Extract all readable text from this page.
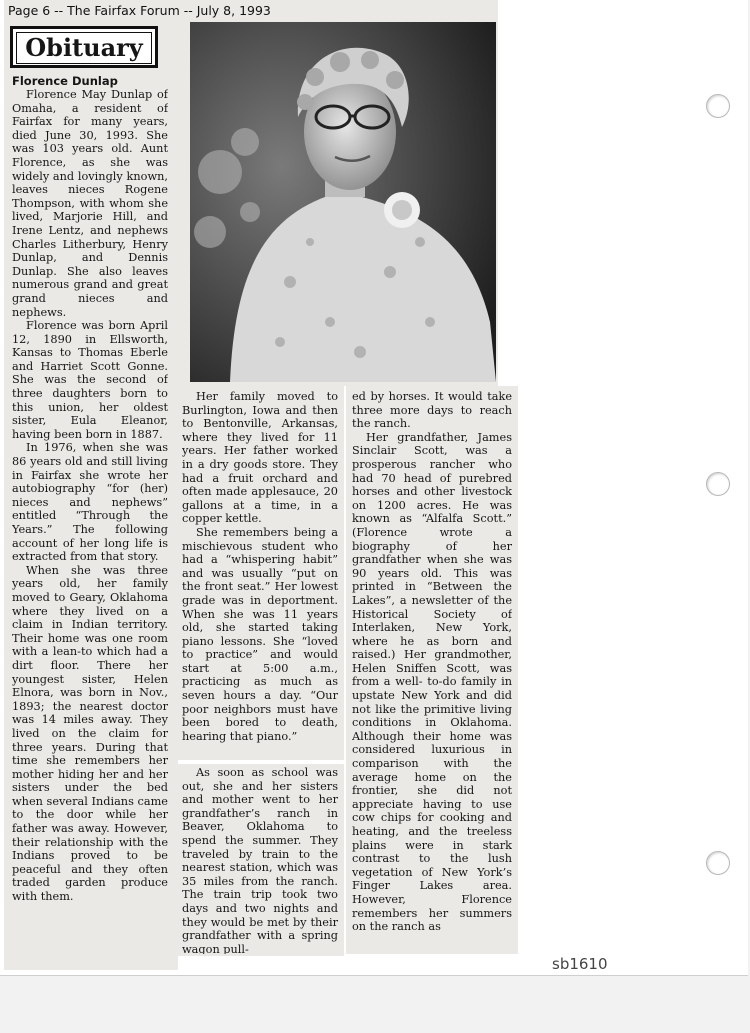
Page 6 -- The Fairfax Forum -- July 8, 1993
Obituary
Florence Dunlap

Florence May Dunlap of Omaha, a resident of Fairfax for many years, died June 30, 1993. She was 103 years old. Aunt Florence, as she was widely and lovingly known, leaves nieces Rogene Thompson, with whom she lived, Marjorie Hill, and Irene Lentz, and nephews Charles Litherbury, Henry Dunlap, and Dennis Dunlap. She also leaves numerous grand and great grand nieces and nephews.

Florence was born April 12, 1890 in Ellsworth, Kansas to Thomas Eberle and Harriet Scott Gonne. She was the second of three daughters born to this union, her oldest sister, Eula Eleanor, having been born in 1887.

In 1976, when she was 86 years old and still living in Fairfax she wrote her autobiography “for (her) nieces and nephews” entitled “Through the Years.” The following account of her long life is extracted from that story.

When she was three years old, her family moved to Geary, Oklahoma where they lived on a claim in Indian territory. Their home was one room with a lean-to which had a dirt floor. There her youngest sister, Helen Elnora, was born in Nov., 1893; the nearest doctor was 14 miles away. They lived on the claim for three years. During that time she remembers her mother hiding her and her sisters under the bed when several Indians came to the door while her father was away. However, their relationship with the Indians proved to be peaceful and they often traded garden produce with them.

Her family moved to Burlington, Iowa and then to Bentonville, Arkansas, where they lived for 11 years. Her father worked in a dry goods store. They had a fruit orchard and often made applesauce, 20 gallons at a time, in a copper kettle.

She remembers being a mischievous student who had a “whispering habit” and was usually “put on the front seat.” Her lowest grade was in deportment. When she was 11 years old, she started taking piano lessons. She “loved to practice” and would start at 5:00 a.m., practicing as much as seven hours a day. “Our poor neighbors must have been bored to death, hearing that piano.”

As soon as school was out, she and her sisters and mother went to her grandfather’s ranch in Beaver, Oklahoma to spend the summer. They traveled by train to the nearest station, which was 35 miles from the ranch. The train trip took two days and two nights and they would be met by their grandfather with a spring wagon pull-

ed by horses. It would take three more days to reach the ranch.

Her grandfather, James Sinclair Scott, was a prosperous rancher who had 70 head of purebred horses and other livestock on 1200 acres. He was known as “Alfalfa Scott.” (Florence wrote a biography of her grandfather when she was 90 years old. This was printed in “Between the Lakes”, a newsletter of the Historical Society of Interlaken, New York, where he as born and raised.) Her grandmother, Helen Sniffen Scott, was from a well- to-do family in upstate New York and did not like the primitive living conditions in Oklahoma. Although their home was considered luxurious in comparison with the average home on the frontier, she did not appreciate having to use cow chips for cooking and heating, and the treeless plains were in stark contrast to the lush vegetation of New York’s Finger Lakes area. However, Florence remembers her summers on the ranch as

sb1610
